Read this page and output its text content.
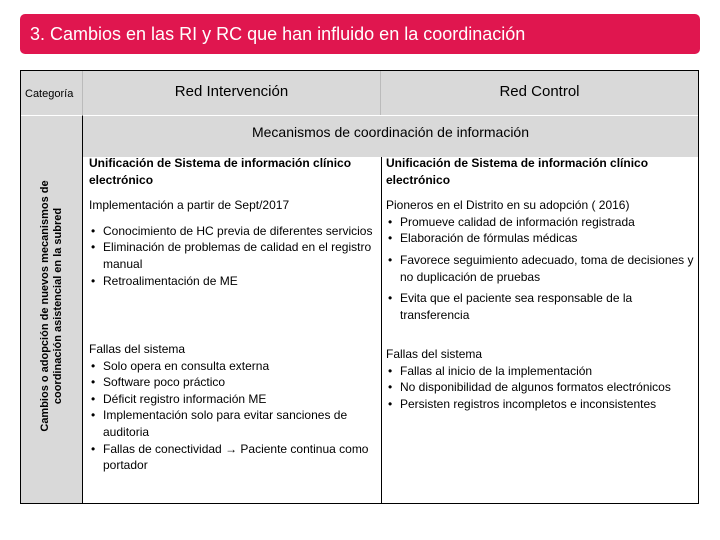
3. Cambios en las RI y RC que han influido en la coordinación
Categoría	Red Intervención	Red Control
Cambios o adopción de nuevos mecanismos de coordinación asistencial en la subred
Mecanismos de coordinación de información

Unificación de Sistema de información clínico electrónico

Implementación a partir de Sept/2017

• Conocimiento de HC previa de diferentes servicios
• Eliminación de problemas de calidad en el registro manual
• Retroalimentación de ME

Fallas del sistema

• Solo opera en consulta externa
• Software poco práctico
• Déficit registro información ME
• Implementación solo para evitar sanciones de auditoria
• Fallas de conectividad → Paciente continua como portador

Unificación de Sistema de información clínico electrónico

Pioneros en el Distrito en su adopción ( 2016)

• Promueve calidad de información registrada
• Elaboración de fórmulas médicas
• Favorece seguimiento adecuado, toma de decisiones y no duplicación de pruebas
• Evita que el paciente sea responsable de la transferencia

Fallas del sistema

• Fallas al inicio de la implementación
• No disponibilidad de algunos formatos electrónicos
• Persisten registros incompletos e inconsistentes
